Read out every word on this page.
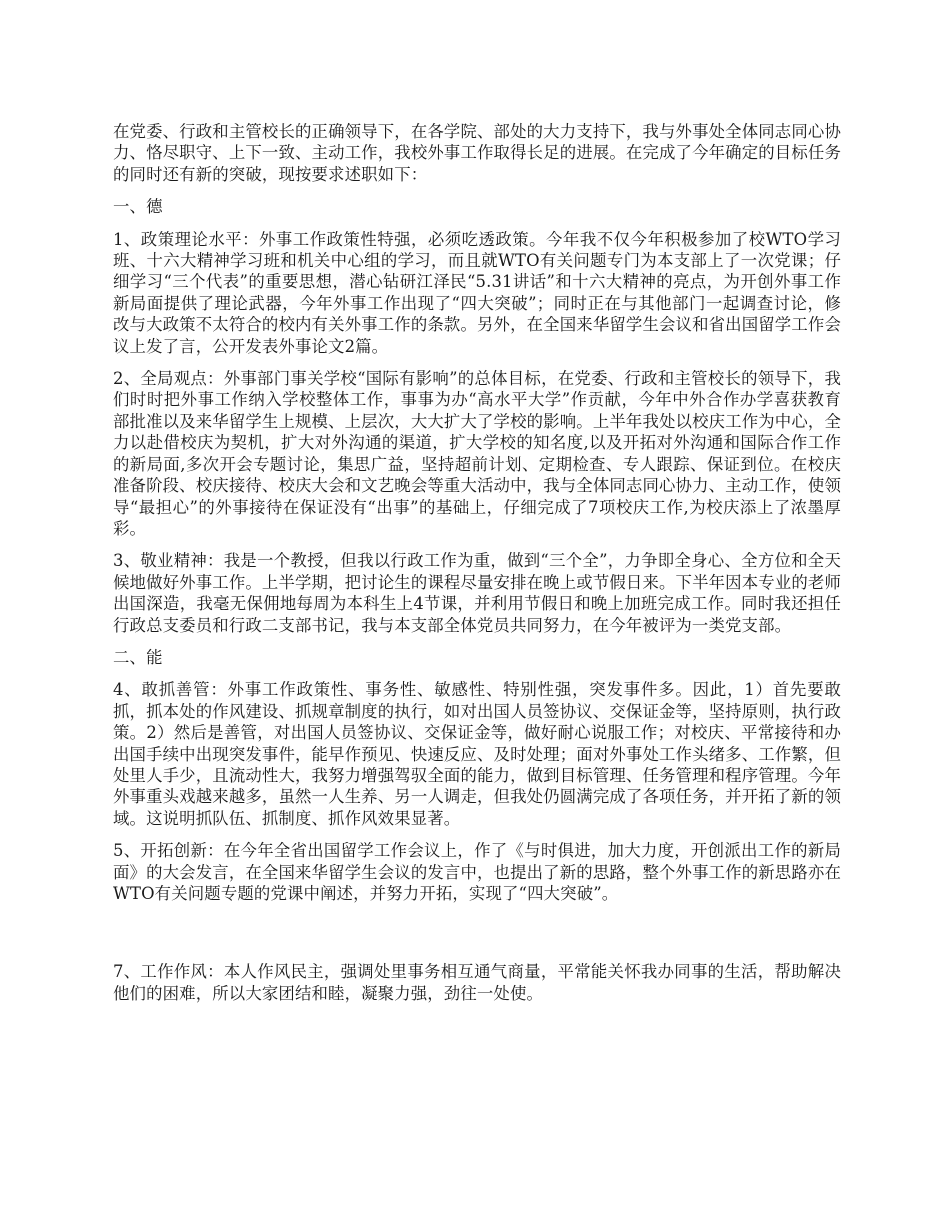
在党委、行政和主管校长的正确领导下，在各学院、部处的大力支持下，我与外事处全体同志同心协力、恪尽职守、上下一致、主动工作，我校外事工作取得长足的进展。在完成了今年确定的目标任务的同时还有新的突破，现按要求述职如下：

一、德

1、政策理论水平：外事工作政策性特强，必须吃透政策。今年我不仅今年积极参加了校WTO学习班、十六大精神学习班和机关中心组的学习，而且就WTO有关问题专门为本支部上了一次党课；仔细学习“三个代表”的重要思想，潜心钻研江泽民“5.31讲话”和十六大精神的亮点，为开创外事工作新局面提供了理论武器，今年外事工作出现了“四大突破”；同时正在与其他部门一起调查讨论，修改与大政策不太符合的校内有关外事工作的条款。另外，在全国来华留学生会议和省出国留学工作会议上发了言，公开发表外事论文2篇。

2、全局观点：外事部门事关学校“国际有影响”的总体目标，在党委、行政和主管校长的领导下，我们时时把外事工作纳入学校整体工作，事事为办“高水平大学”作贡献，今年中外合作办学喜获教育部批准以及来华留学生上规模、上层次，大大扩大了学校的影响。上半年我处以校庆工作为中心，全力以赴借校庆为契机，扩大对外沟通的渠道，扩大学校的知名度,以及开拓对外沟通和国际合作工作的新局面,多次开会专题讨论，集思广益，坚持超前计划、定期检查、专人跟踪、保证到位。在校庆准备阶段、校庆接待、校庆大会和文艺晚会等重大活动中，我与全体同志同心协力、主动工作，使领导“最担心”的外事接待在保证没有“出事”的基础上，仔细完成了7项校庆工作,为校庆添上了浓墨厚彩。

3、敬业精神：我是一个教授，但我以行政工作为重，做到“三个全”，力争即全身心、全方位和全天候地做好外事工作。上半学期，把讨论生的课程尽量安排在晚上或节假日来。下半年因本专业的老师出国深造，我毫无保佣地每周为本科生上4节课，并利用节假日和晚上加班完成工作。同时我还担任行政总支委员和行政二支部书记，我与本支部全体党员共同努力，在今年被评为一类党支部。

二、能

4、敢抓善管：外事工作政策性、事务性、敏感性、特别性强，突发事件多。因此，1）首先要敢抓，抓本处的作风建设、抓规章制度的执行，如对出国人员签协议、交保证金等，坚持原则，执行政策。2）然后是善管，对出国人员签协议、交保证金等，做好耐心说服工作；对校庆、平常接待和办出国手续中出现突发事件，能早作预见、快速反应、及时处理；面对外事处工作头绪多、工作繁，但处里人手少，且流动性大，我努力增强驾驭全面的能力，做到目标管理、任务管理和程序管理。今年外事重头戏越来越多，虽然一人生养、另一人调走，但我处仍圆满完成了各项任务，并开拓了新的领域。这说明抓队伍、抓制度、抓作风效果显著。

5、开拓创新：在今年全省出国留学工作会议上，作了《与时俱进，加大力度，开创派出工作的新局面》的大会发言，在全国来华留学生会议的发言中，也提出了新的思路，整个外事工作的新思路亦在WTO有关问题专题的党课中阐述，并努力开拓，实现了“四大突破”。

7、工作作风：本人作风民主，强调处里事务相互通气商量，平常能关怀我办同事的生活，帮助解决他们的困难，所以大家团结和睦，凝聚力强，劲往一处使。
